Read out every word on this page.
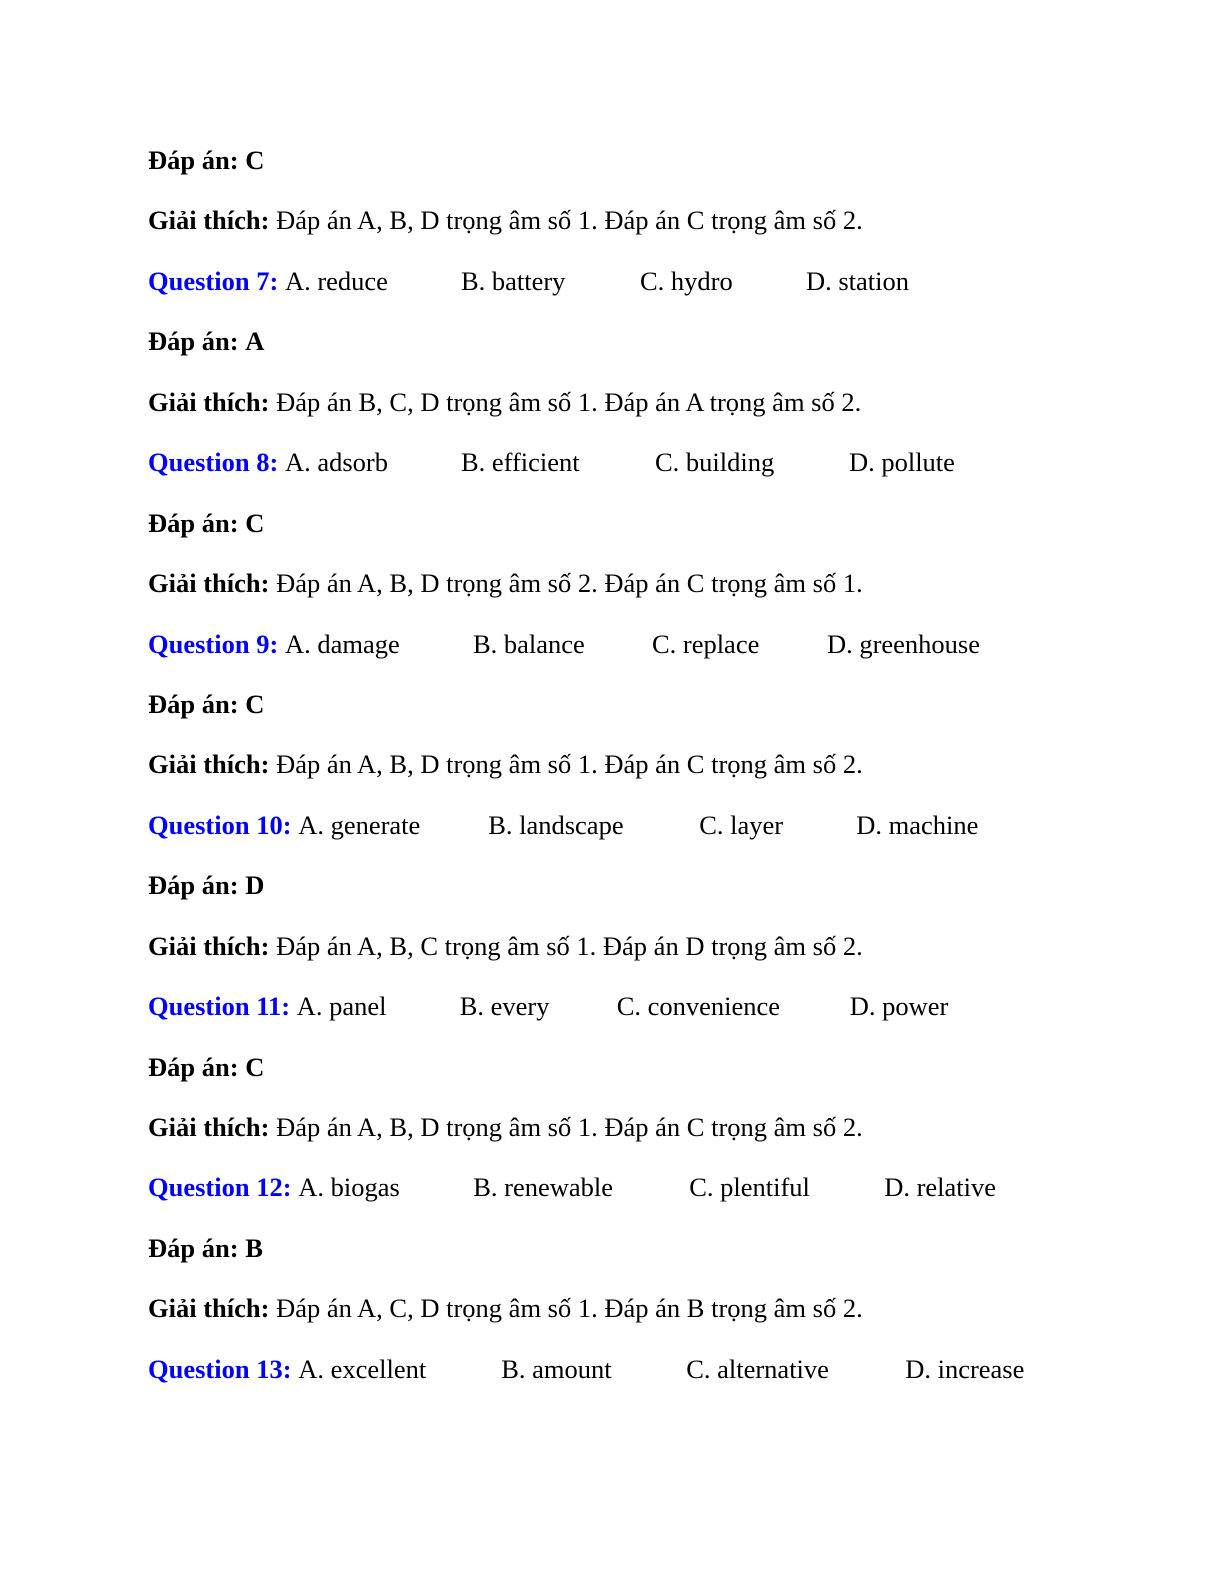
Đáp án: C
Giải thích: Đáp án A, B, D trọng âm số 1. Đáp án C trọng âm số 2.
Question 7: A. reduce	B. battery	C. hydro	D. station
Đáp án: A
Giải thích: Đáp án B, C, D trọng âm số 1. Đáp án A trọng âm số 2.
Question 8: A. adsorb	B. efficient	C. building	D. pollute
Đáp án: C
Giải thích: Đáp án A, B, D trọng âm số 2. Đáp án C trọng âm số 1.
Question 9: A. damage	B. balance	C. replace	D. greenhouse
Đáp án: C
Giải thích: Đáp án A, B, D trọng âm số 1. Đáp án C trọng âm số 2.
Question 10: A. generate	B. landscape	C. layer	D. machine
Đáp án: D
Giải thích: Đáp án A, B, C trọng âm số 1. Đáp án D trọng âm số 2.
Question 11: A. panel	B. every	C. convenience	D. power
Đáp án: C
Giải thích: Đáp án A, B, D trọng âm số 1. Đáp án C trọng âm số 2.
Question 12: A. biogas	B. renewable	C. plentiful	D. relative
Đáp án: B
Giải thích: Đáp án A, C, D trọng âm số 1. Đáp án B trọng âm số 2.
Question 13: A. excellent	B. amount	C. alternative	D. increase
